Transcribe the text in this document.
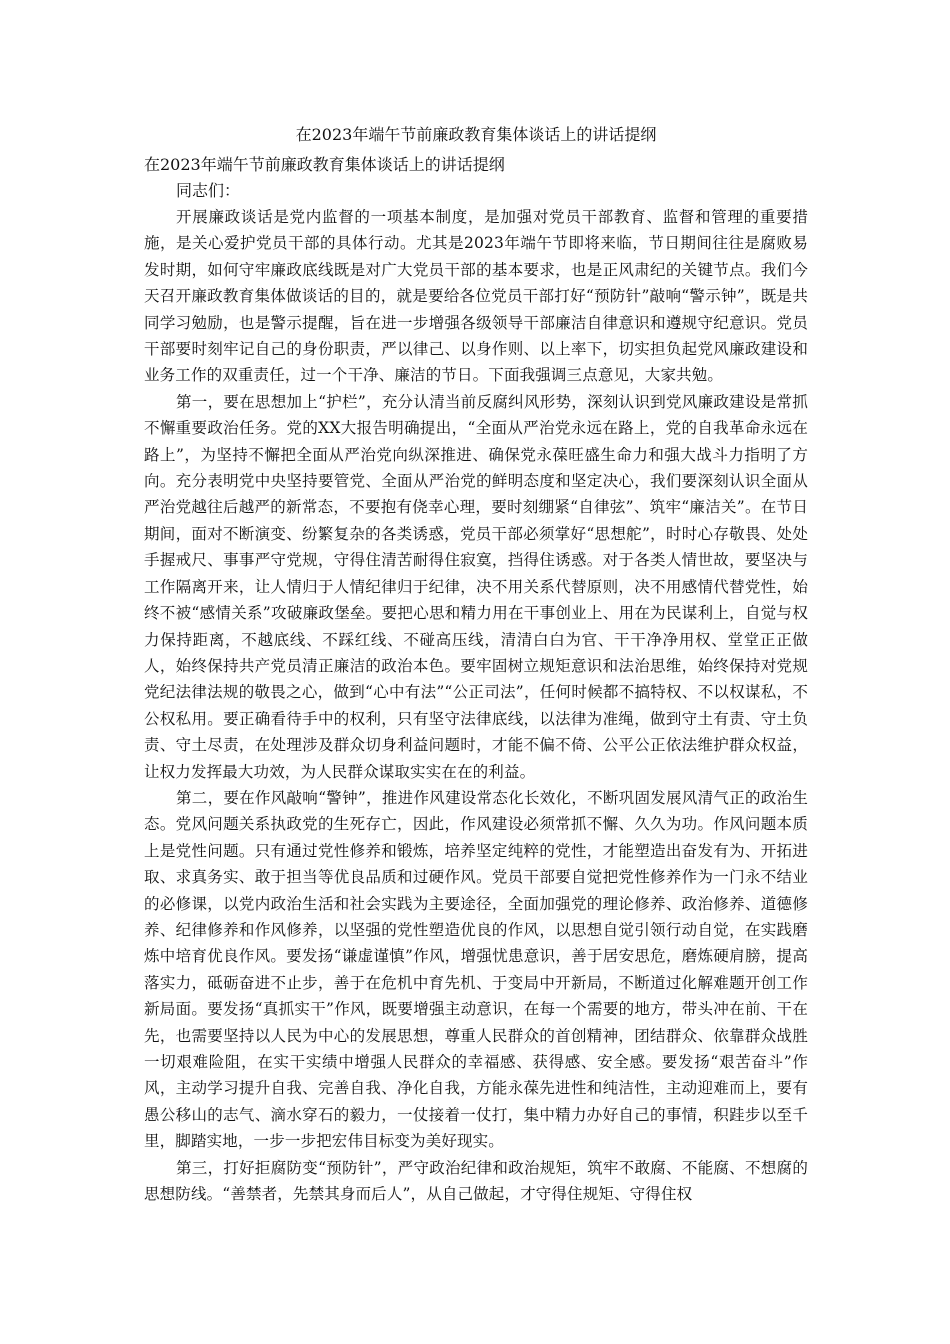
在2023年端午节前廉政教育集体谈话上的讲话提纲
在2023年端午节前廉政教育集体谈话上的讲话提纲

同志们：

开展廉政谈话是党内监督的一项基本制度，是加强对党员干部教育、监督和管理的重要措施，是关心爱护党员干部的具体行动。尤其是2023年端午节即将来临，节日期间往往是腐败易发时期，如何守牢廉政底线既是对广大党员干部的基本要求，也是正风肃纪的关键节点。我们今天召开廉政教育集体做谈话的目的，就是要给各位党员干部打好“预防针”敲响“警示钟”，既是共同学习勉励，也是警示提醒，旨在进一步增强各级领导干部廉洁自律意识和遵规守纪意识。党员干部要时刻牢记自己的身份职责，严以律己、以身作则、以上率下，切实担负起党风廉政建设和业务工作的双重责任，过一个干净、廉洁的节日。下面我强调三点意见，大家共勉。

第一，要在思想加上“护栏”，充分认清当前反腐纠风形势，深刻认识到党风廉政建设是常抓不懈重要政治任务。党的XX大报告明确提出，“全面从严治党永远在路上，党的自我革命永远在路上”，为坚持不懈把全面从严治党向纵深推进、确保党永葆旺盛生命力和强大战斗力指明了方向。充分表明党中央坚持要管党、全面从严治党的鲜明态度和坚定决心，我们要深刻认识全面从严治党越往后越严的新常态，不要抱有侥幸心理，要时刻绷紧“自律弦”、筑牢“廉洁关”。在节日期间，面对不断演变、纷繁复杂的各类诱惑，党员干部必须掌好“思想舵”，时时心存敬畏、处处手握戒尺、事事严守党规，守得住清苦耐得住寂寞，挡得住诱惑。对于各类人情世故，要坚决与工作隔离开来，让人情归于人情纪律归于纪律，决不用关系代替原则，决不用感情代替党性，始终不被“感情关系”攻破廉政堡垒。要把心思和精力用在干事创业上、用在为民谋利上，自觉与权力保持距离，不越底线、不踩红线、不碰高压线，清清白白为官、干干净净用权、堂堂正正做人，始终保持共产党员清正廉洁的政治本色。要牢固树立规矩意识和法治思维，始终保持对党规党纪法律法规的敬畏之心，做到“心中有法”“公正司法”，任何时候都不搞特权、不以权谋私，不公权私用。要正确看待手中的权利，只有坚守法律底线，以法律为准绳，做到守土有责、守土负责、守土尽责，在处理涉及群众切身利益问题时，才能不偏不倚、公平公正依法维护群众权益，让权力发挥最大功效，为人民群众谋取实实在在的利益。

第二，要在作风敲响“警钟”，推进作风建设常态化长效化，不断巩固发展风清气正的政治生态。党风问题关系执政党的生死存亡，因此，作风建设必须常抓不懈、久久为功。作风问题本质上是党性问题。只有通过党性修养和锻炼，培养坚定纯粹的党性，才能塑造出奋发有为、开拓进取、求真务实、敢于担当等优良品质和过硬作风。党员干部要自觉把党性修养作为一门永不结业的必修课，以党内政治生活和社会实践为主要途径，全面加强党的理论修养、政治修养、道德修养、纪律修养和作风修养，以坚强的党性塑造优良的作风，以思想自觉引领行动自觉，在实践磨炼中培育优良作风。要发扬“谦虚谨慎”作风，增强忧患意识，善于居安思危，磨炼硬肩膀，提高落实力，砥砺奋进不止步，善于在危机中育先机、于变局中开新局，不断道过化解难题开创工作新局面。要发扬“真抓实干”作风，既要增强主动意识，在每一个需要的地方，带头冲在前、干在先，也需要坚持以人民为中心的发展思想，尊重人民群众的首创精神，团结群众、依靠群众战胜一切艰难险阻，在实干实绩中增强人民群众的幸福感、获得感、安全感。要发扬“艰苦奋斗”作风，主动学习提升自我、完善自我、净化自我，方能永葆先进性和纯洁性，主动迎难而上，要有愚公移山的志气、滴水穿石的毅力，一仗接着一仗打，集中精力办好自己的事情，积跬步以至千里，脚踏实地，一步一步把宏伟目标变为美好现实。

第三，打好拒腐防变“预防针”，严守政治纪律和政治规矩，筑牢不敢腐、不能腐、不想腐的思想防线。“善禁者，先禁其身而后人”，从自己做起，才守得住规矩、守得住权
